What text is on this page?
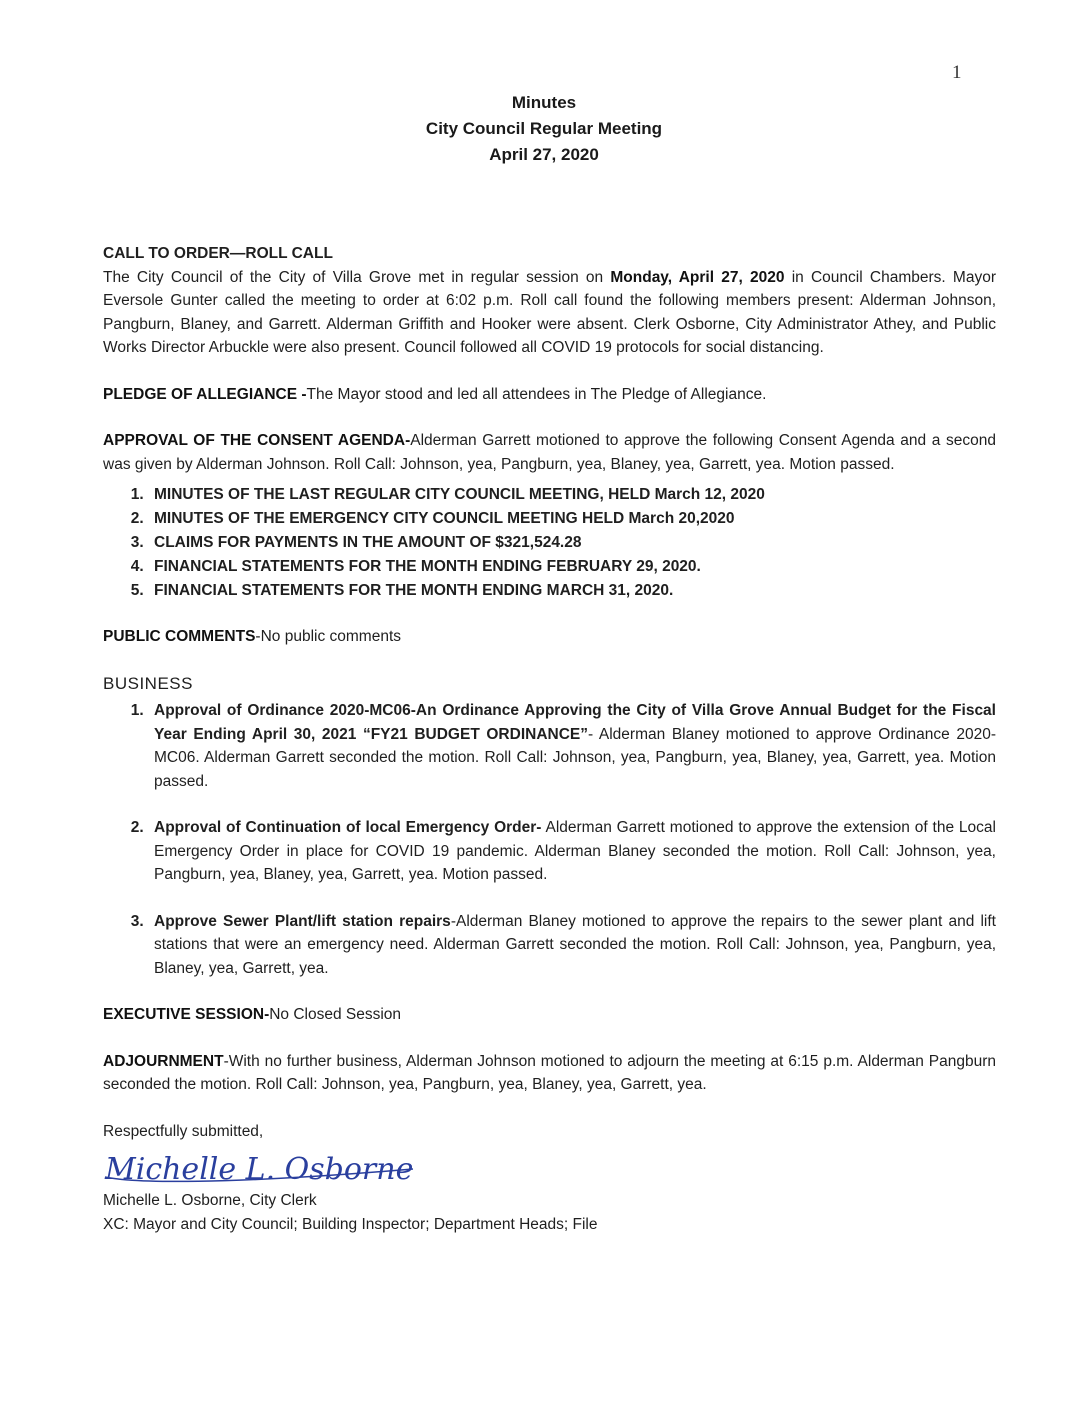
1
Minutes
City Council Regular Meeting
April 27, 2020
CALL TO ORDER—ROLL CALL

The City Council of the City of Villa Grove met in regular session on Monday, April 27, 2020 in Council Chambers. Mayor Eversole Gunter called the meeting to order at 6:02 p.m. Roll call found the following members present: Alderman Johnson, Pangburn, Blaney, and Garrett. Alderman Griffith and Hooker were absent. Clerk Osborne, City Administrator Athey, and Public Works Director Arbuckle were also present. Council followed all COVID 19 protocols for social distancing.

PLEDGE OF ALLEGIANCE -The Mayor stood and led all attendees in The Pledge of Allegiance.

APPROVAL OF THE CONSENT AGENDA-Alderman Garrett motioned to approve the following Consent Agenda and a second was given by Alderman Johnson. Roll Call: Johnson, yea, Pangburn, yea, Blaney, yea, Garrett, yea. Motion passed.

1. MINUTES OF THE LAST REGULAR CITY COUNCIL MEETING, HELD March 12, 2020
2. MINUTES OF THE EMERGENCY CITY COUNCIL MEETING HELD March 20,2020
3. CLAIMS FOR PAYMENTS IN THE AMOUNT OF $321,524.28
4. FINANCIAL STATEMENTS FOR THE MONTH ENDING FEBRUARY 29, 2020.
5. FINANCIAL STATEMENTS FOR THE MONTH ENDING MARCH 31, 2020.

PUBLIC COMMENTS-No public comments

BUSINESS
1. Approval of Ordinance 2020-MC06-An Ordinance Approving the City of Villa Grove Annual Budget for the Fiscal Year Ending April 30, 2021 “FY21 BUDGET ORDINANCE”- Alderman Blaney motioned to approve Ordinance 2020-MC06. Alderman Garrett seconded the motion. Roll Call: Johnson, yea, Pangburn, yea, Blaney, yea, Garrett, yea. Motion passed.
2. Approval of Continuation of local Emergency Order- Alderman Garrett motioned to approve the extension of the Local Emergency Order in place for COVID 19 pandemic. Alderman Blaney seconded the motion. Roll Call: Johnson, yea, Pangburn, yea, Blaney, yea, Garrett, yea. Motion passed.
3. Approve Sewer Plant/lift station repairs-Alderman Blaney motioned to approve the repairs to the sewer plant and lift stations that were an emergency need. Alderman Garrett seconded the motion. Roll Call: Johnson, yea, Pangburn, yea, Blaney, yea, Garrett, yea.

EXECUTIVE SESSION-No Closed Session

ADJOURNMENT-With no further business, Alderman Johnson motioned to adjourn the meeting at 6:15 p.m. Alderman Pangburn seconded the motion. Roll Call: Johnson, yea, Pangburn, yea, Blaney, yea, Garrett, yea.

Respectfully submitted,

Michelle L. Osborne

Michelle L. Osborne, City Clerk

XC: Mayor and City Council; Building Inspector; Department Heads; File
